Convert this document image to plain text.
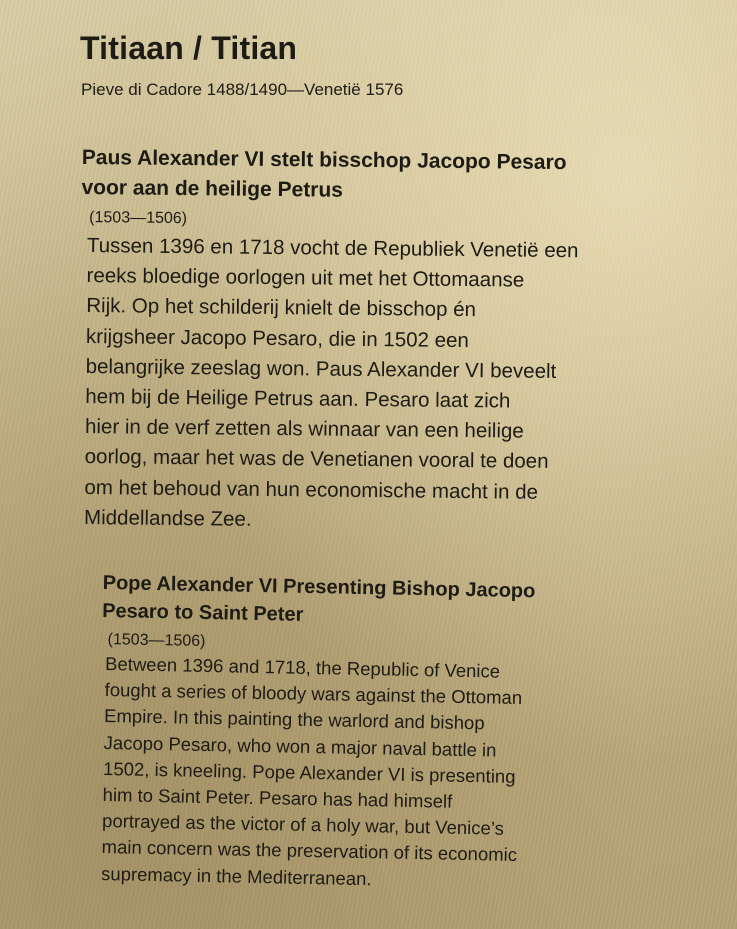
Titiaan / Titian
Pieve di Cadore 1488/1490—Venetië 1576
Paus Alexander VI stelt bisschop Jacopo Pesaro
voor aan de heilige Petrus
(1503—1506)

Tussen 1396 en 1718 vocht de Republiek Venetië een
reeks bloedige oorlogen uit met het Ottomaanse
Rijk. Op het schilderij knielt de bisschop én
krijgsheer Jacopo Pesaro, die in 1502 een
belangrijke zeeslag won. Paus Alexander VI beveelt
hem bij de Heilige Petrus aan. Pesaro laat zich
hier in de verf zetten als winnaar van een heilige
oorlog, maar het was de Venetianen vooral te doen
om het behoud van hun economische macht in de
Middellandse Zee.

Pope Alexander VI Presenting Bishop Jacopo
Pesaro to Saint Peter
(1503—1506)

Between 1396 and 1718, the Republic of Venice
fought a series of bloody wars against the Ottoman
Empire. In this painting the warlord and bishop
Jacopo Pesaro, who won a major naval battle in
1502, is kneeling. Pope Alexander VI is presenting
him to Saint Peter. Pesaro has had himself
portrayed as the victor of a holy war, but Venice’s
main concern was the preservation of its economic
supremacy in the Mediterranean.
